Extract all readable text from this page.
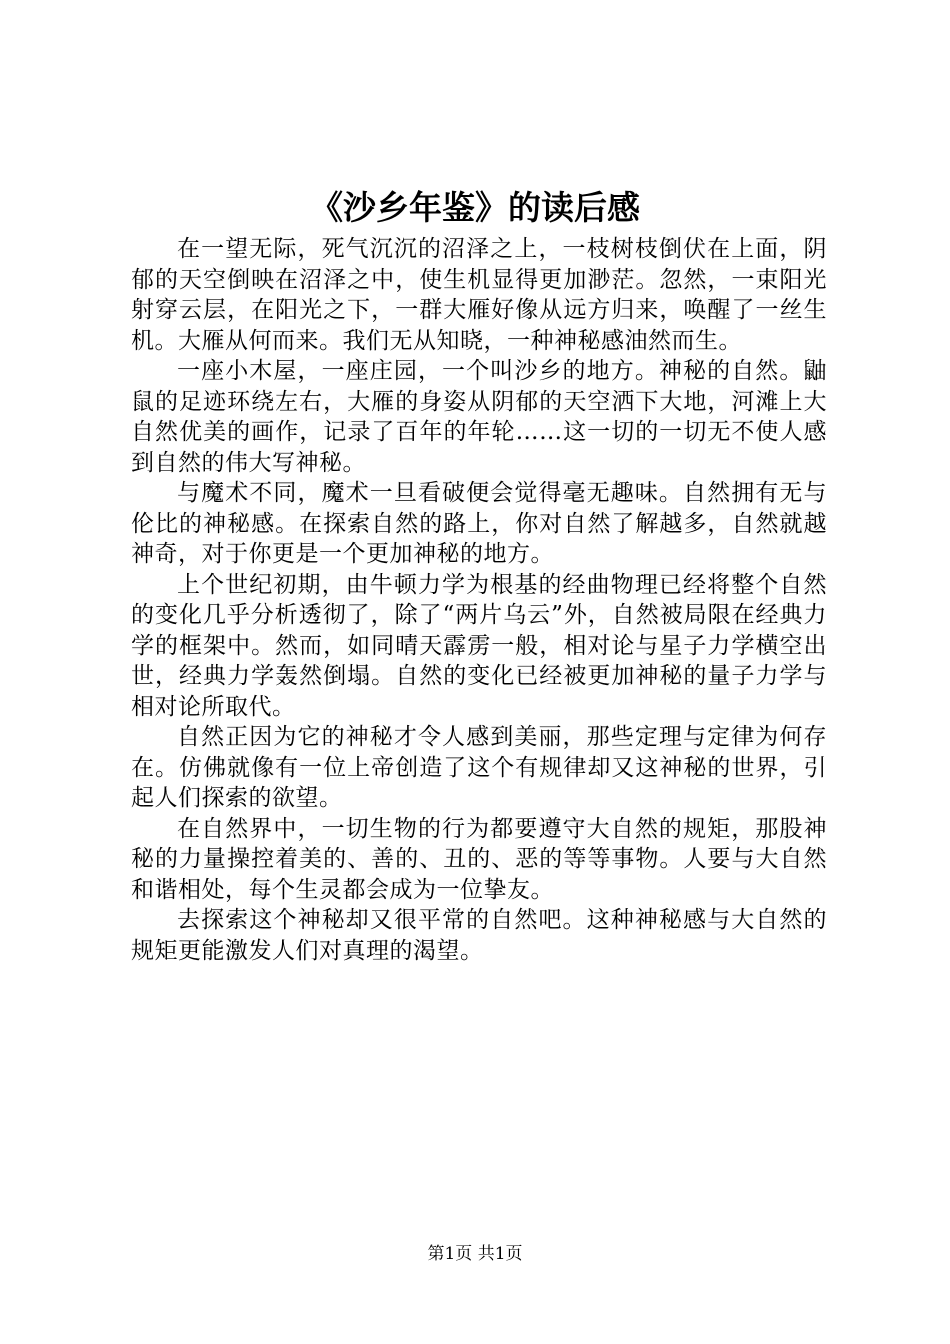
《沙乡年鉴》的读后感

在一望无际，死气沉沉的沼泽之上，一枝树枝倒伏在上面，阴郁的天空倒映在沼泽之中，使生机显得更加渺茫。忽然，一束阳光射穿云层，在阳光之下，一群大雁好像从远方归来，唤醒了一丝生机。大雁从何而来。我们无从知晓，一种神秘感油然而生。

一座小木屋，一座庄园，一个叫沙乡的地方。神秘的自然。鼬鼠的足迹环绕左右，大雁的身姿从阴郁的天空洒下大地，河滩上大自然优美的画作，记录了百年的年轮……这一切的一切无不使人感到自然的伟大写神秘。

与魔术不同，魔术一旦看破便会觉得毫无趣味。自然拥有无与伦比的神秘感。在探索自然的路上，你对自然了解越多，自然就越神奇，对于你更是一个更加神秘的地方。

上个世纪初期，由牛顿力学为根基的经曲物理已经将整个自然的变化几乎分析透彻了，除了“两片乌云”外，自然被局限在经典力学的框架中。然而，如同晴天霹雳一般，相对论与星子力学横空出世，经典力学轰然倒塌。自然的变化已经被更加神秘的量子力学与相对论所取代。

自然正因为它的神秘才令人感到美丽，那些定理与定律为何存在。仿佛就像有一位上帝创造了这个有规律却又这神秘的世界，引起人们探索的欲望。

在自然界中，一切生物的行为都要遵守大自然的规矩，那股神秘的力量操控着美的、善的、丑的、恶的等等事物。人要与大自然和谐相处，每个生灵都会成为一位挚友。

去探索这个神秘却又很平常的自然吧。这种神秘感与大自然的规矩更能激发人们对真理的渴望。

第1页 共1页
